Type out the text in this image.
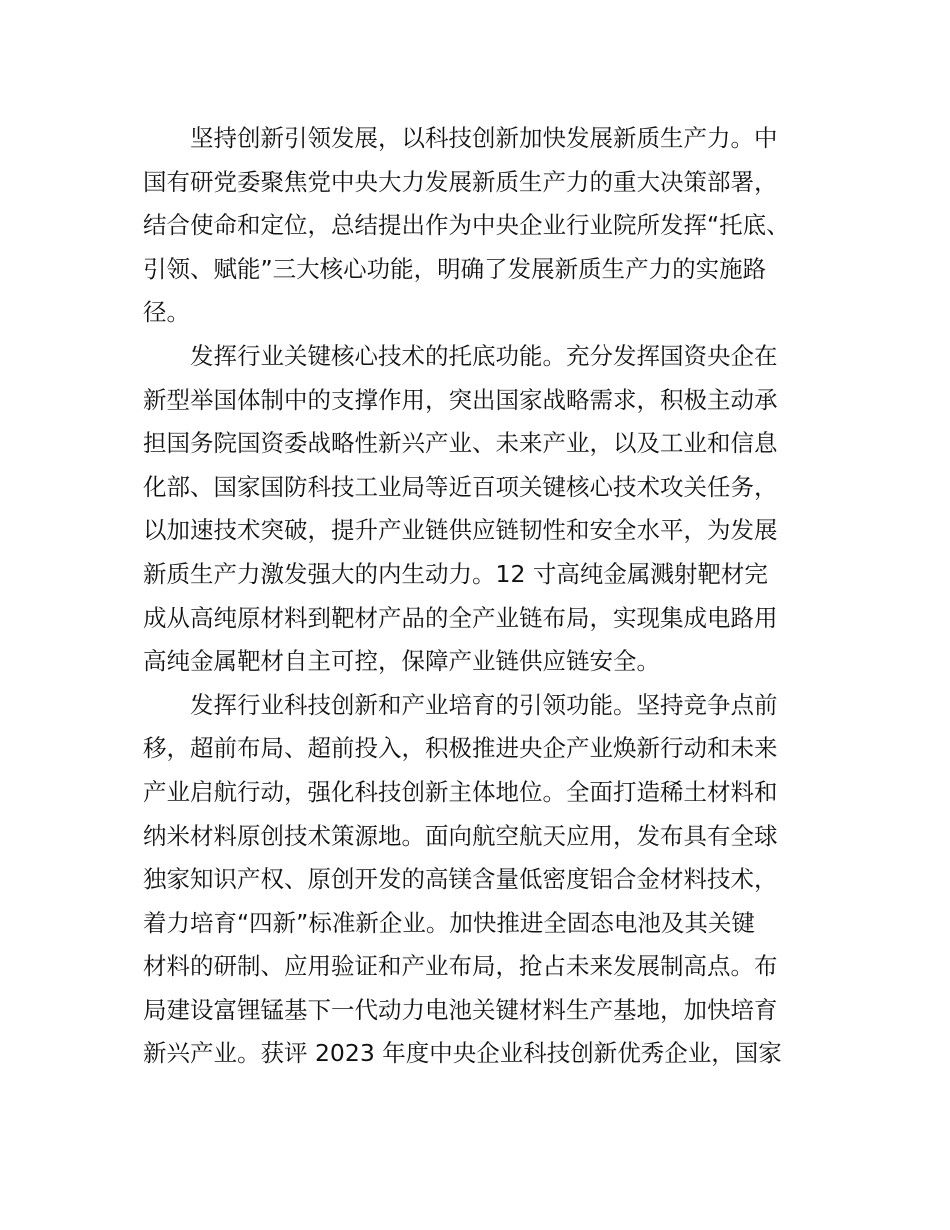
坚持创新引领发展，以科技创新加快发展新质生产力。中
国有研党委聚焦党中央大力发展新质生产力的重大决策部署，
结合使命和定位，总结提出作为中央企业行业院所发挥“托底、
引领、赋能”三大核心功能，明确了发展新质生产力的实施路
径。
发挥行业关键核心技术的托底功能。充分发挥国资央企在
新型举国体制中的支撑作用，突出国家战略需求，积极主动承
担国务院国资委战略性新兴产业、未来产业，以及工业和信息
化部、国家国防科技工业局等近百项关键核心技术攻关任务，
以加速技术突破，提升产业链供应链韧性和安全水平，为发展
新质生产力激发强大的内生动力。12 寸高纯金属溅射靶材完
成从高纯原材料到靶材产品的全产业链布局，实现集成电路用
高纯金属靶材自主可控，保障产业链供应链安全。
发挥行业科技创新和产业培育的引领功能。坚持竞争点前
移，超前布局、超前投入，积极推进央企产业焕新行动和未来
产业启航行动，强化科技创新主体地位。全面打造稀土材料和
纳米材料原创技术策源地。面向航空航天应用，发布具有全球
独家知识产权、原创开发的高镁含量低密度铝合金材料技术，
着力培育“四新”标准新企业。加快推进全固态电池及其关键
材料的研制、应用验证和产业布局，抢占未来发展制高点。布
局建设富锂锰基下一代动力电池关键材料生产基地，加快培育
新兴产业。获评 2023 年度中央企业科技创新优秀企业，国家
